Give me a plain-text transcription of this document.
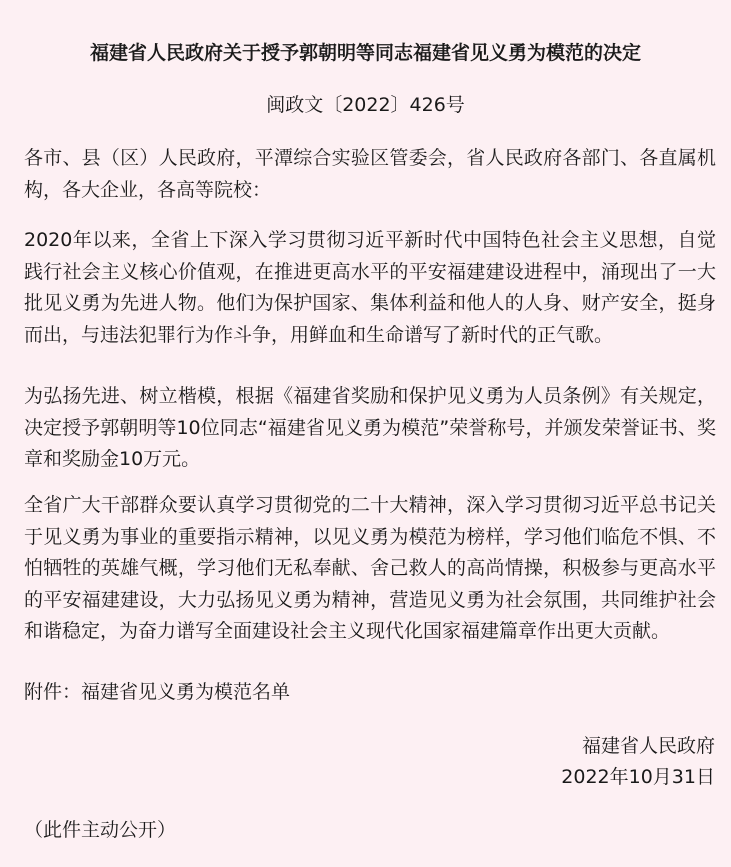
福建省人民政府关于授予郭朝明等同志福建省见义勇为模范的决定
闽政文〔2022〕426号
各市、县（区）人民政府，平潭综合实验区管委会，省人民政府各部门、各直属机构，各大企业，各高等院校：
2020年以来，全省上下深入学习贯彻习近平新时代中国特色社会主义思想，自觉践行社会主义核心价值观，在推进更高水平的平安福建建设进程中，涌现出了一大批见义勇为先进人物。他们为保护国家、集体利益和他人的人身、财产安全，挺身而出，与违法犯罪行为作斗争，用鲜血和生命谱写了新时代的正气歌。
为弘扬先进、树立楷模，根据《福建省奖励和保护见义勇为人员条例》有关规定，决定授予郭朝明等10位同志“福建省见义勇为模范”荣誉称号，并颁发荣誉证书、奖章和奖励金10万元。
全省广大干部群众要认真学习贯彻党的二十大精神，深入学习贯彻习近平总书记关于见义勇为事业的重要指示精神，以见义勇为模范为榜样，学习他们临危不惧、不怕牺牲的英雄气概，学习他们无私奉献、舍己救人的高尚情操，积极参与更高水平的平安福建建设，大力弘扬见义勇为精神，营造见义勇为社会氛围，共同维护社会和谐稳定，为奋力谱写全面建设社会主义现代化国家福建篇章作出更大贡献。
附件：福建省见义勇为模范名单
福建省人民政府
2022年10月31日
（此件主动公开）
